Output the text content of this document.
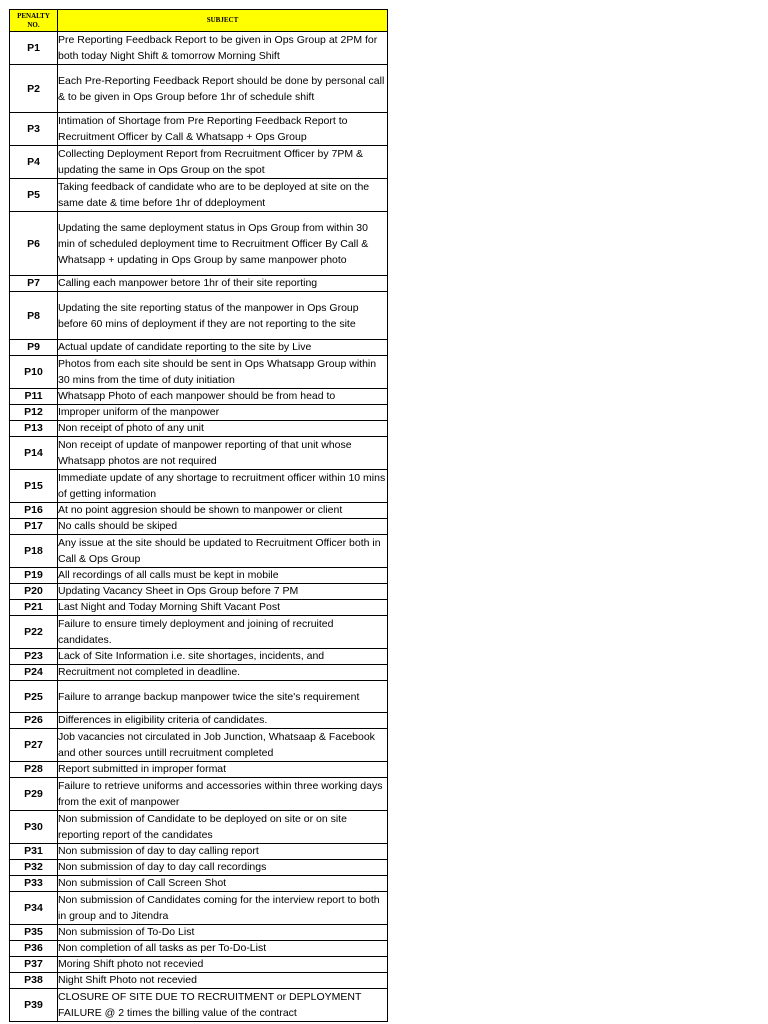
PENALTY
NO.	SUBJECT
P1	Pre Reporting Feedback Report to be given in Ops Group at 2PM for both today Night Shift & tomorrow Morning Shift
P2	Each Pre-Reporting Feedback Report should be done by personal call & to be given in Ops Group before 1hr of schedule shift
P3	Intimation of Shortage from Pre Reporting Feedback Report to Recruitment Officer by Call & Whatsapp + Ops Group
P4	Collecting Deployment Report from Recruitment Officer by 7PM & updating the same in Ops Group on the spot
P5	Taking feedback of candidate who are to be deployed at site on the same date & time before 1hr of ddeployment
P6	Updating the same deployment status in Ops Group from within 30 min of scheduled deployment time to Recruitment Officer By Call & Whatsapp + updating in Ops Group by same manpower photo
P7	Calling each manpower betore 1hr of their site reporting
P8	Updating the site reporting status of the manpower in Ops Group before 60 mins of deployment if they are not reporting to the site
P9	Actual update of candidate reporting to the site by Live
P10	Photos from each site should be sent in Ops Whatsapp Group within 30 mins from the time of duty initiation
P11	Whatsapp Photo of each manpower should be from head to
P12	Improper uniform of the manpower
P13	Non receipt of photo of any unit
P14	Non receipt of update of manpower reporting of that unit whose Whatsapp photos are not required
P15	Immediate update of any shortage to recruitment officer within 10 mins of getting information
P16	At no point aggresion should be shown to manpower or client
P17	No calls should be skiped
P18	Any issue at the site should be updated to Recruitment Officer both in Call & Ops Group
P19	All recordings of all calls must be kept in mobile
P20	Updating Vacancy Sheet in Ops Group before 7 PM
P21	Last Night and Today Morning Shift Vacant Post
P22	Failure to ensure timely deployment and joining of recruited candidates.
P23	Lack of Site Information i.e. site shortages, incidents, and
P24	Recruitment not completed in deadline.
P25	Failure to arrange backup manpower twice the site's requirement
P26	Differences in eligibility criteria of candidates.
P27	Job vacancies not circulated in Job Junction, Whatsaap & Facebook and other sources untill recruitment completed
P28	Report submitted in improper format
P29	Failure to retrieve uniforms and accessories within three working days from the exit of manpower
P30	Non submission of Candidate to be deployed on site or on site reporting report of the candidates
P31	Non submission of day to day calling report
P32	Non submission of day to day call recordings
P33	Non submission of Call Screen Shot
P34	Non submission of Candidates coming for the interview report to both in group and to Jitendra
P35	Non submission of To-Do List
P36	Non completion of all tasks as per To-Do-List
P37	Moring Shift photo not recevied
P38	Night Shift Photo not recevied
P39	CLOSURE OF SITE DUE TO RECRUITMENT or DEPLOYMENT FAILURE @ 2 times the billing value of the contract
